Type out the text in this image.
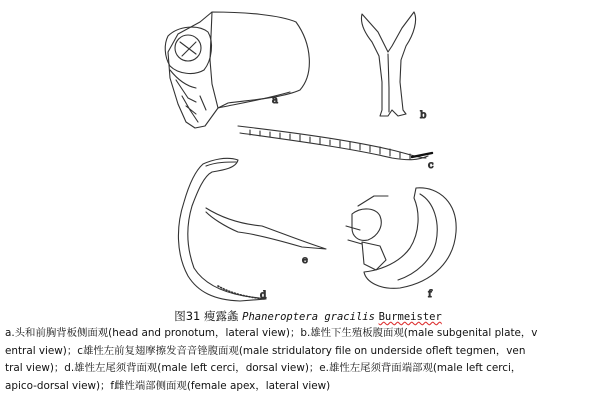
a
b
c
d
e
f
图31 瘦露螽 Phaneroptera gracilis Burmeister
a.头和前胸背板侧面观(head and pronotum，lateral view)；b.雄性下生殖板腹面观(male subgenital plate，v
entral view)；c雄性左前复翅摩擦发音音锉腹面观(male stridulatory file on underside ofleft tegmen，ven
tral view)；d.雄性左尾须背面观(male left cerci，dorsal view)；e.雄性左尾须背面端部观(male left cerci，
apico-dorsal view)；f雌性端部侧面观(female apex，lateral view)
